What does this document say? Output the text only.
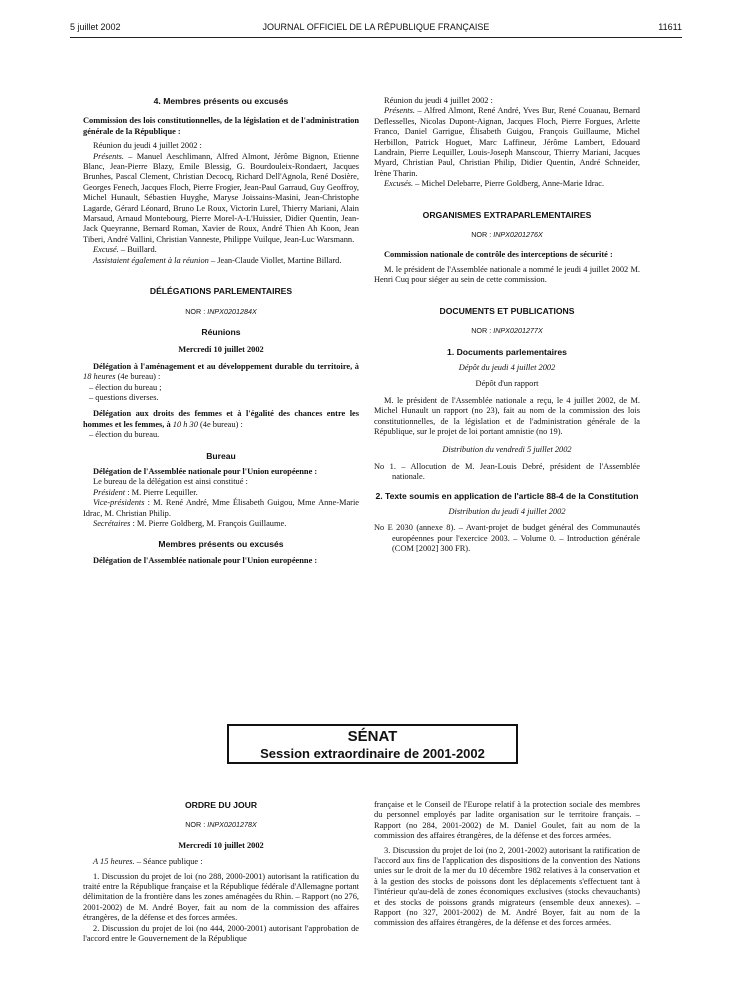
5 juillet 2002	JOURNAL OFFICIEL DE LA RÉPUBLIQUE FRANÇAISE	11611

4. Membres présents ou excusés

Commission des lois constitutionnelles, de la législation et de l'administration générale de la République :

Réunion du jeudi 4 juillet 2002 :

Présents. – Manuel Aeschlimann, Alfred Almont, Jérôme Bignon, Etienne Blanc, Jean-Pierre Blazy, Emile Blessig, G. Bourdouleix-Rondaert, Jacques Brunhes, Pascal Clement, Christian Decocq, Richard Dell'Agnola, René Dosière, Georges Fenech, Jacques Floch, Pierre Frogier, Jean-Paul Garraud, Guy Geoffroy, Michel Hunault, Sébastien Huyghe, Maryse Joissains-Masini, Jean-Christophe Lagarde, Gérard Léonard, Bruno Le Roux, Victorin Lurel, Thierry Mariani, Alain Marsaud, Arnaud Montebourg, Pierre Morel-A-L'Huissier, Didier Quentin, Jean-Jack Queyranne, Bernard Roman, Xavier de Roux, André Thien Ah Koon, Jean Tiberi, André Vallini, Christian Vanneste, Philippe Vuilque, Jean-Luc Warsmann.

Excusé. – Buillard.

Assistaient également à la réunion – Jean-Claude Viollet, Martine Billard.

DÉLÉGATIONS PARLEMENTAIRES

NOR : INPX0201284X

Réunions

Mercredi 10 juillet 2002

Délégation à l'aménagement et au développement durable du territoire, à 18 heures (4e bureau) :

– élection du bureau ;

– questions diverses.

Délégation aux droits des femmes et à l'égalité des chances entre les hommes et les femmes, à 10 h 30 (4e bureau) :

– élection du bureau.

Bureau

Délégation de l'Assemblée nationale pour l'Union européenne :

Le bureau de la délégation est ainsi constitué :

Président : M. Pierre Lequiller.

Vice-présidents : M. René André, Mme Élisabeth Guigou, Mme Anne-Marie Idrac, M. Christian Philip.

Secrétaires : M. Pierre Goldberg, M. François Guillaume.

Membres présents ou excusés

Délégation de l'Assemblée nationale pour l'Union européenne :

Réunion du jeudi 4 juillet 2002 :

Présents. – Alfred Almont, René André, Yves Bur, René Couanau, Bernard Deflesselles, Nicolas Dupont-Aignan, Jacques Floch, Pierre Forgues, Arlette Franco, Daniel Garrigue, Élisabeth Guigou, François Guillaume, Michel Herbillon, Patrick Hoguet, Marc Laffineur, Jérôme Lambert, Edouard Landrain, Pierre Lequiller, Louis-Joseph Manscour, Thierry Mariani, Jacques Myard, Christian Paul, Christian Philip, Didier Quentin, André Schneider, Irène Tharin.

Excusés. – Michel Delebarre, Pierre Goldberg, Anne-Marie Idrac.

ORGANISMES EXTRAPARLEMENTAIRES

NOR : INPX0201276X

Commission nationale de contrôle des interceptions de sécurité :

M. le président de l'Assemblée nationale a nommé le jeudi 4 juillet 2002 M. Henri Cuq pour siéger au sein de cette commission.

DOCUMENTS ET PUBLICATIONS

NOR : INPX0201277X

1. Documents parlementaires

Dépôt du jeudi 4 juillet 2002

Dépôt d'un rapport

M. le président de l'Assemblée nationale a reçu, le 4 juillet 2002, de M. Michel Hunault un rapport (no 23), fait au nom de la commission des lois constitutionnelles, de la législation et de l'administration générale de la République, sur le projet de loi portant amnistie (no 19).

Distribution du vendredi 5 juillet 2002

No 1. – Allocution de M. Jean-Louis Debré, président de l'Assemblée nationale.

2. Texte soumis en application de l'article 88-4 de la Constitution

Distribution du jeudi 4 juillet 2002

No E 2030 (annexe 8). – Avant-projet de budget général des Communautés européennes pour l'exercice 2003. – Volume 0. – Introduction générale (COM [2002] 300 FR).

SÉNAT
Session extraordinaire de 2001-2002

ORDRE DU JOUR

NOR : INPX0201278X

Mercredi 10 juillet 2002

A 15 heures. – Séance publique :

1. Discussion du projet de loi (no 288, 2000-2001) autorisant la ratification du traité entre la République française et la République fédérale d'Allemagne portant délimitation de la frontière dans les zones aménagées du Rhin. – Rapport (no 276, 2001-2002) de M. André Boyer, fait au nom de la commission des affaires étrangères, de la défense et des forces armées.

2. Discussion du projet de loi (no 444, 2000-2001) autorisant l'approbation de l'accord entre le Gouvernement de la République

française et le Conseil de l'Europe relatif à la protection sociale des membres du personnel employés par ladite organisation sur le territoire français. – Rapport (no 284, 2001-2002) de M. Daniel Goulet, fait au nom de la commission des affaires étrangères, de la défense et des forces armées.

3. Discussion du projet de loi (no 2, 2001-2002) autorisant la ratification de l'accord aux fins de l'application des dispositions de la convention des Nations unies sur le droit de la mer du 10 décembre 1982 relatives à la conservation et à la gestion des stocks de poissons dont les déplacements s'effectuent tant à l'intérieur qu'au-delà de zones économiques exclusives (stocks chevauchants) et des stocks de poissons grands migrateurs (ensemble deux annexes). – Rapport (no 327, 2001-2002) de M. André Boyer, fait au nom de la commission des affaires étrangères, de la défense et des forces armées.
